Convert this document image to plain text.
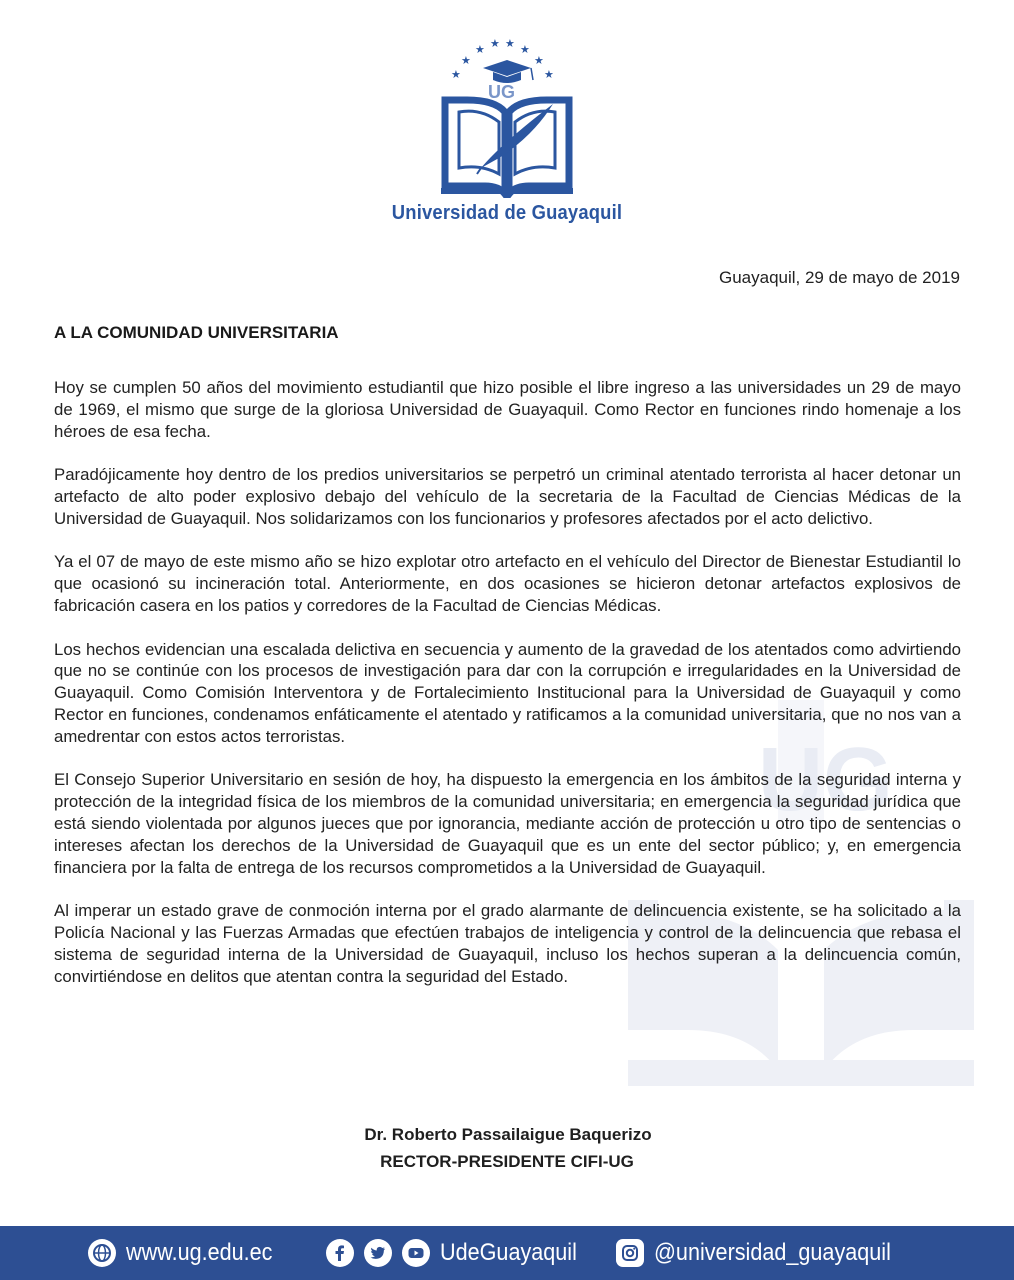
UG
★
★
★ ★ ★ ★
★
★
UG
Universidad de Guayaquil
Guayaquil, 29 de mayo de 2019
A LA COMUNIDAD UNIVERSITARIA

Hoy se cumplen 50 años del movimiento estudiantil que hizo posible el libre ingreso a las universidades un 29 de mayo de 1969, el mismo que surge de la gloriosa Universidad de Guayaquil. Como Rector en funciones rindo homenaje a los héroes de esa fecha.

Paradójicamente hoy dentro de los predios universitarios se perpetró un criminal atentado terrorista al hacer detonar un artefacto de alto poder explosivo debajo del vehículo de la secretaria de la Facultad de Ciencias Médicas de la Universidad de Guayaquil. Nos solidarizamos con los funcionarios y profesores afectados por el acto delictivo.

Ya el 07 de mayo de este mismo año se hizo explotar otro artefacto en el vehículo del Director de Bienestar Estudiantil lo que ocasionó su incineración total. Anteriormente, en dos ocasiones se hicieron detonar artefactos explosivos de fabricación casera en los patios y corredores de la Facultad de Ciencias Médicas.

Los hechos evidencian una escalada delictiva en secuencia y aumento de la gravedad de los atentados como advirtiendo que no se continúe con los procesos de investigación para dar con la corrupción e irregularidades en la Universidad de Guayaquil. Como Comisión Interventora y de Fortalecimiento Institucional para la Universidad de Guayaquil y como Rector en funciones, condenamos enfáticamente el atentado y ratificamos a la comunidad universitaria, que no nos van a amedrentar con estos actos terroristas.

El Consejo Superior Universitario en sesión de hoy, ha dispuesto la emergencia en los ámbitos de la seguridad interna y protección de la integridad física de los miembros de la comunidad universitaria; en emergencia la seguridad jurídica que está siendo violentada por algunos jueces que por ignorancia, mediante acción de protección u otro tipo de sentencias o intereses afectan los derechos de la Universidad de Guayaquil que es un ente del sector público; y, en emergencia financiera por la falta de entrega de los recursos comprometidos a la Universidad de Guayaquil.

Al imperar un estado grave de conmoción interna por el grado alarmante de delincuencia existente, se ha solicitado a la Policía Nacional y las Fuerzas Armadas que efectúen trabajos de inteligencia y control de la delincuencia que rebasa el sistema de seguridad interna de la Universidad de Guayaquil, incluso los hechos superan a la delincuencia común, convirtiéndose en delitos que atentan contra la seguridad del Estado.

Dr. Roberto Passailaigue Baquerizo
RECTOR-PRESIDENTE CIFI-UG
www.ug.edu.ec	UdeGuayaquil	@universidad_guayaquil
